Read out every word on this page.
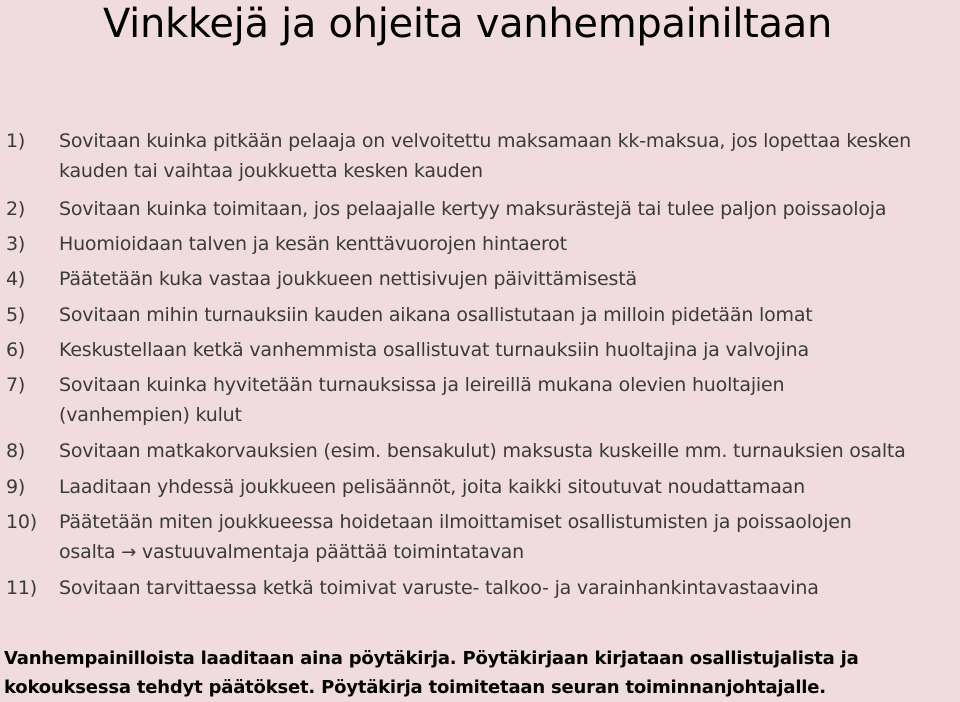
Vinkkejä ja ohjeita vanhempainiltaan
1) Sovitaan kuinka pitkään pelaaja on velvoitettu maksamaan kk-maksua, jos lopettaa kesken
kauden tai vaihtaa joukkuetta kesken kauden
2) Sovitaan kuinka toimitaan, jos pelaajalle kertyy maksurästejä tai tulee paljon poissaoloja
3) Huomioidaan talven ja kesän kenttävuorojen hintaerot
4) Päätetään kuka vastaa joukkueen nettisivujen päivittämisestä
5) Sovitaan mihin turnauksiin kauden aikana osallistutaan ja milloin pidetään lomat
6) Keskustellaan ketkä vanhemmista osallistuvat turnauksiin huoltajina ja valvojina
7) Sovitaan kuinka hyvitetään turnauksissa ja leireillä mukana olevien huoltajien
(vanhempien) kulut
8) Sovitaan matkakorvauksien (esim. bensakulut) maksusta kuskeille mm. turnauksien osalta
9) Laaditaan yhdessä joukkueen pelisäännöt, joita kaikki sitoutuvat noudattamaan
10) Päätetään miten joukkueessa hoidetaan ilmoittamiset osallistumisten ja poissaolojen
osalta → vastuuvalmentaja päättää toimintatavan
11) Sovitaan tarvittaessa ketkä toimivat varuste- talkoo- ja varainhankintavastaavina
Vanhempainilloista laaditaan aina pöytäkirja. Pöytäkirjaan kirjataan osallistujalista ja
kokouksessa tehdyt päätökset. Pöytäkirja toimitetaan seuran toiminnanjohtajalle.
